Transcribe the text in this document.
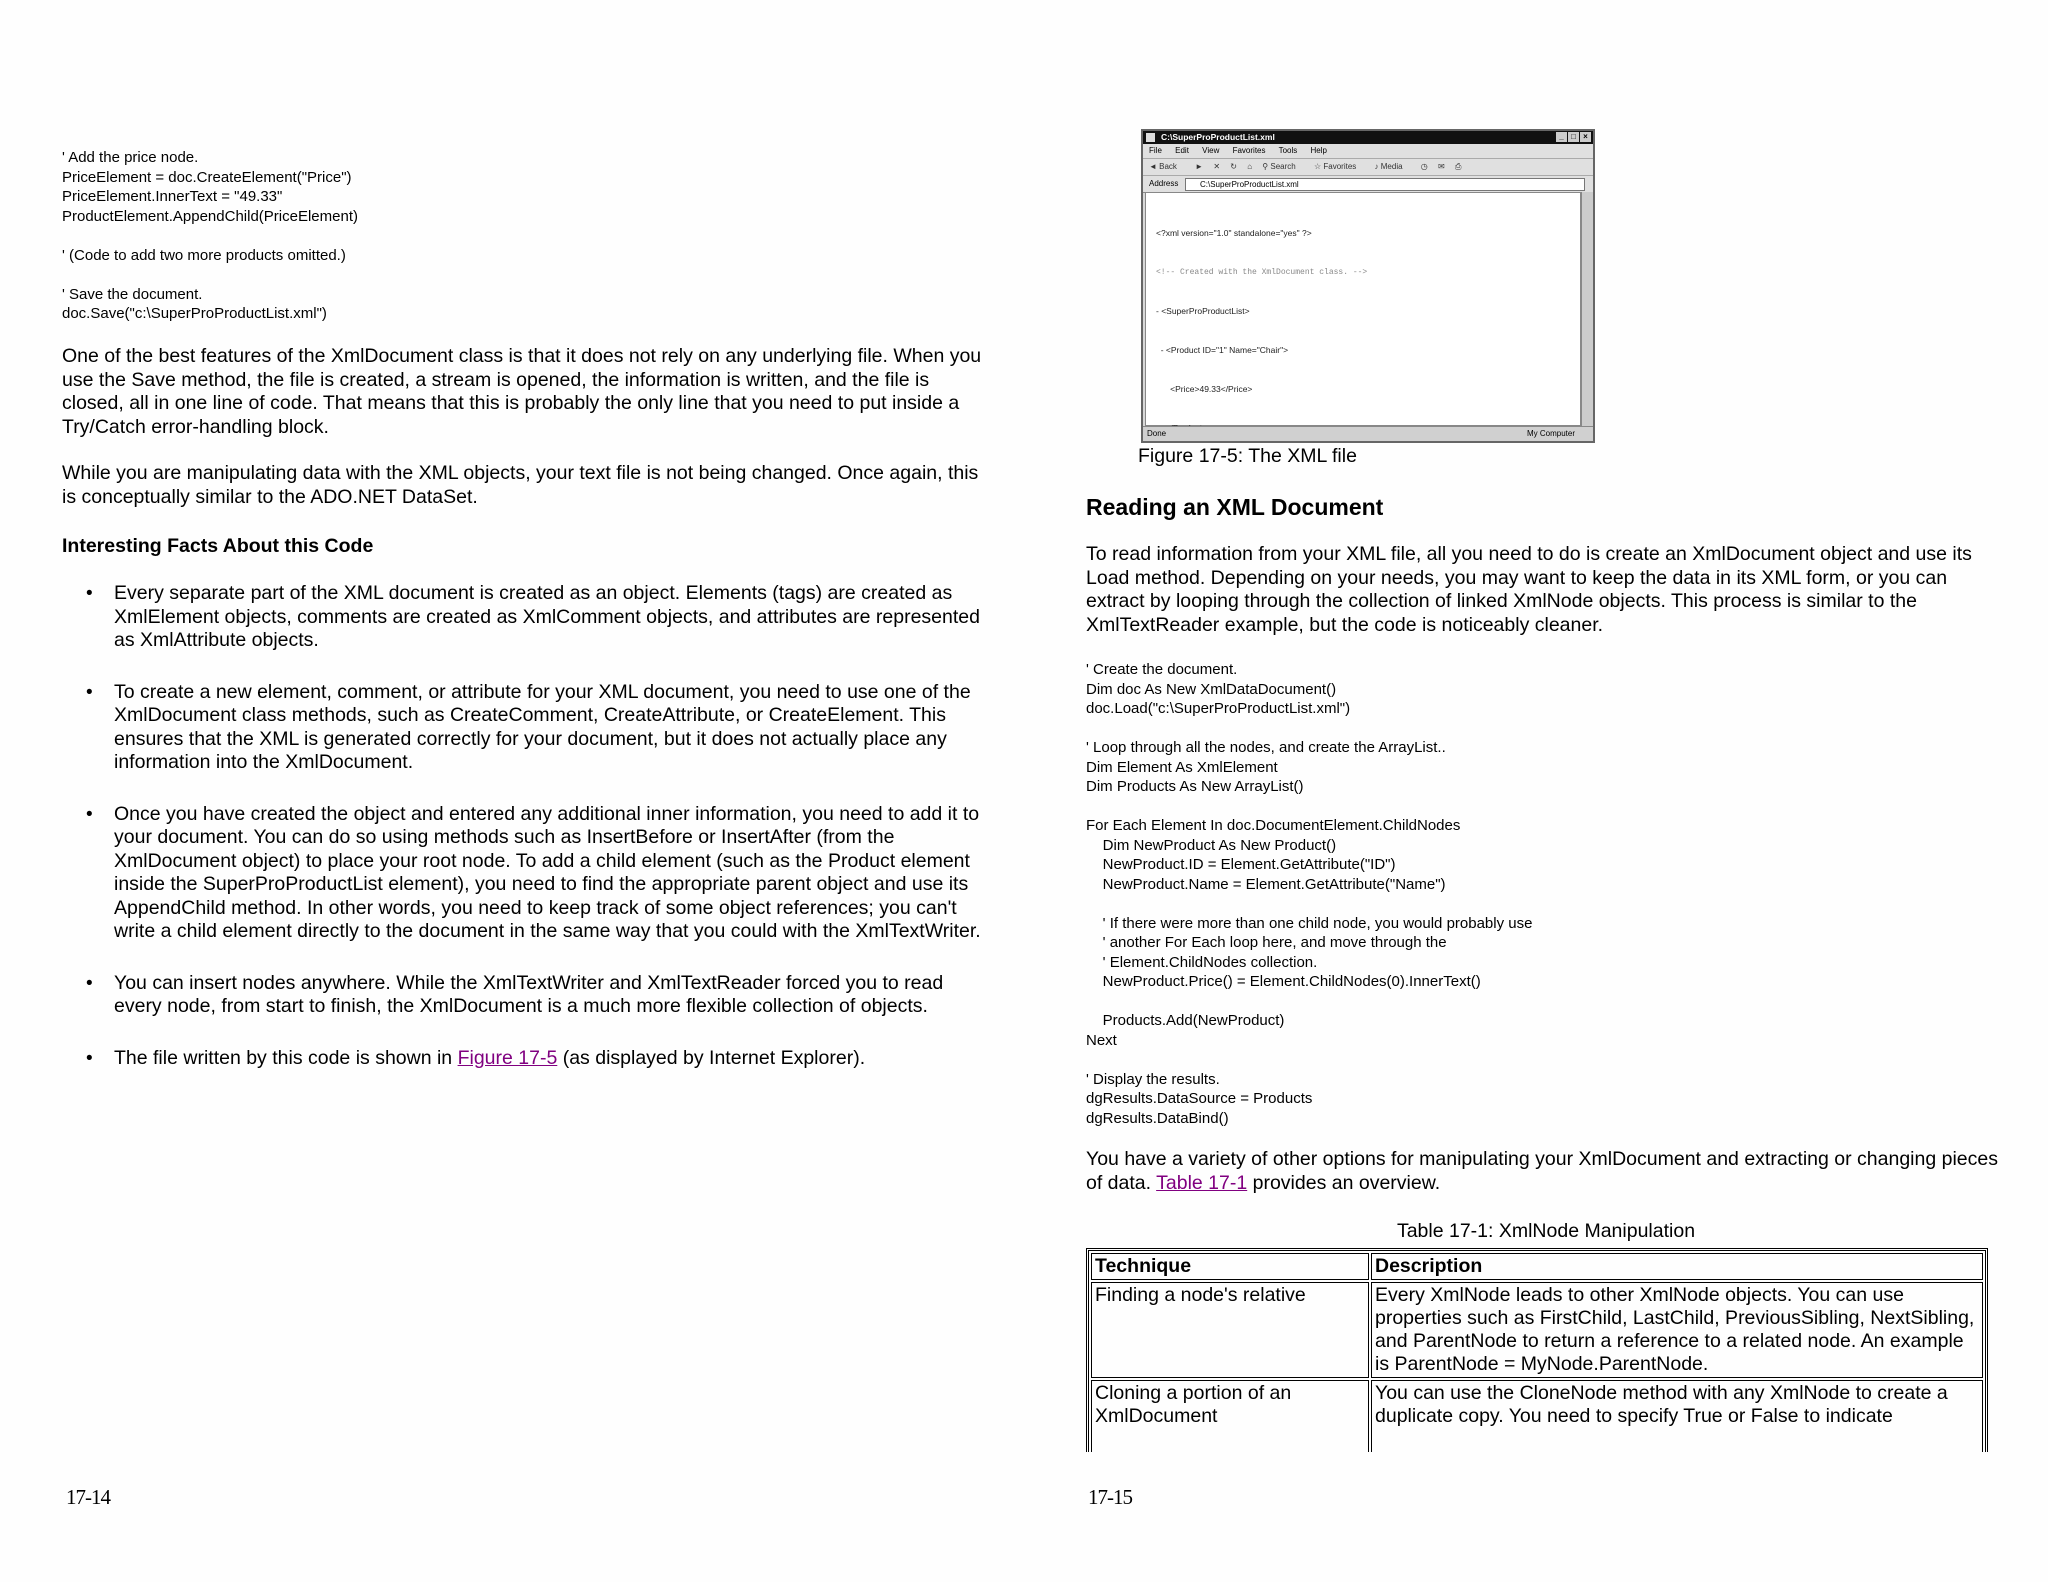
' Add the price node.
PriceElement = doc.CreateElement("Price")
PriceElement.InnerText = "49.33"
ProductElement.AppendChild(PriceElement)

' (Code to add two more products omitted.)

' Save the document.
doc.Save("c:\SuperProProductList.xml")

One of the best features of the XmlDocument class is that it does not rely on any underlying file. When you use the Save method, the file is created, a stream is opened, the information is written, and the file is closed, all in one line of code. That means that this is probably the only line that you need to put inside a Try/Catch error-handling block.

While you are manipulating data with the XML objects, your text file is not being changed. Once again, this is conceptually similar to the ADO.NET DataSet.

Interesting Facts About this Code

• Every separate part of the XML document is created as an object. Elements (tags) are created as XmlElement objects, comments are created as XmlComment objects, and attributes are represented as XmlAttribute objects.
• To create a new element, comment, or attribute for your XML document, you need to use one of the XmlDocument class methods, such as CreateComment, CreateAttribute, or CreateElement. This ensures that the XML is generated correctly for your document, but it does not actually place any information into the XmlDocument.
• Once you have created the object and entered any additional inner information, you need to add it to your document. You can do so using methods such as InsertBefore or InsertAfter (from the XmlDocument object) to place your root node. To add a child element (such as the Product element inside the SuperProProductList element), you need to find the appropriate parent object and use its AppendChild method. In other words, you need to keep track of some object references; you can't write a child element directly to the document in the same way that you could with the XmlTextWriter.
• You can insert nodes anywhere. While the XmlTextWriter and XmlTextReader forced you to read every node, from start to finish, the XmlDocument is a much more flexible collection of objects.
• The file written by this code is shown in Figure 17-5 (as displayed by Internet Explorer).
17-14
C:\SuperProProductList.xml	_ □ ×
File Edit View Favorites Tools Help
◄ Back ► ✕ ↻ ⌂ ⚲ Search ☆ Favorites ♪ Media ◷ ✉ ⎙
Address	C:\SuperProProductList.xml

<?xml version="1.0" standalone="yes" ?>

<!-- Created with the XmlDocument class. -->

- <SuperProProductList>

- <Product ID="1" Name="Chair">

<Price>49.33</Price>

Done	My Computer

Figure 17-5: The XML file

Reading an XML Document

To read information from your XML file, all you need to do is create an XmlDocument object and use its Load method. Depending on your needs, you may want to keep the data in its XML form, or you can extract by looping through the collection of linked XmlNode objects. This process is similar to the XmlTextReader example, but the code is noticeably cleaner.

' Create the document.
Dim doc As New XmlDataDocument()
doc.Load("c:\SuperProProductList.xml")

' Loop through all the nodes, and create the ArrayList..
Dim Element As XmlElement
Dim Products As New ArrayList()

For Each Element In doc.DocumentElement.ChildNodes
Dim NewProduct As New Product()
NewProduct.ID = Element.GetAttribute("ID")
NewProduct.Name = Element.GetAttribute("Name")

' If there were more than one child node, you would probably use
' another For Each loop here, and move through the
' Element.ChildNodes collection.
NewProduct.Price() = Element.ChildNodes(0).InnerText()

Products.Add(NewProduct)
Next

' Display the results.
dgResults.DataSource = Products
dgResults.DataBind()

You have a variety of other options for manipulating your XmlDocument and extracting or changing pieces of data. Table 17-1 provides an overview.

Table 17-1: XmlNode Manipulation

Technique	Description
Finding a node's relative	Every XmlNode leads to other XmlNode objects. You can use properties such as FirstChild, LastChild, PreviousSibling, NextSibling, and ParentNode to return a reference to a related node. An example is ParentNode = MyNode.ParentNode.
Cloning a portion of an XmlDocument	You can use the CloneNode method with any XmlNode to create a duplicate copy. You need to specify True or False to indicate
17-15
